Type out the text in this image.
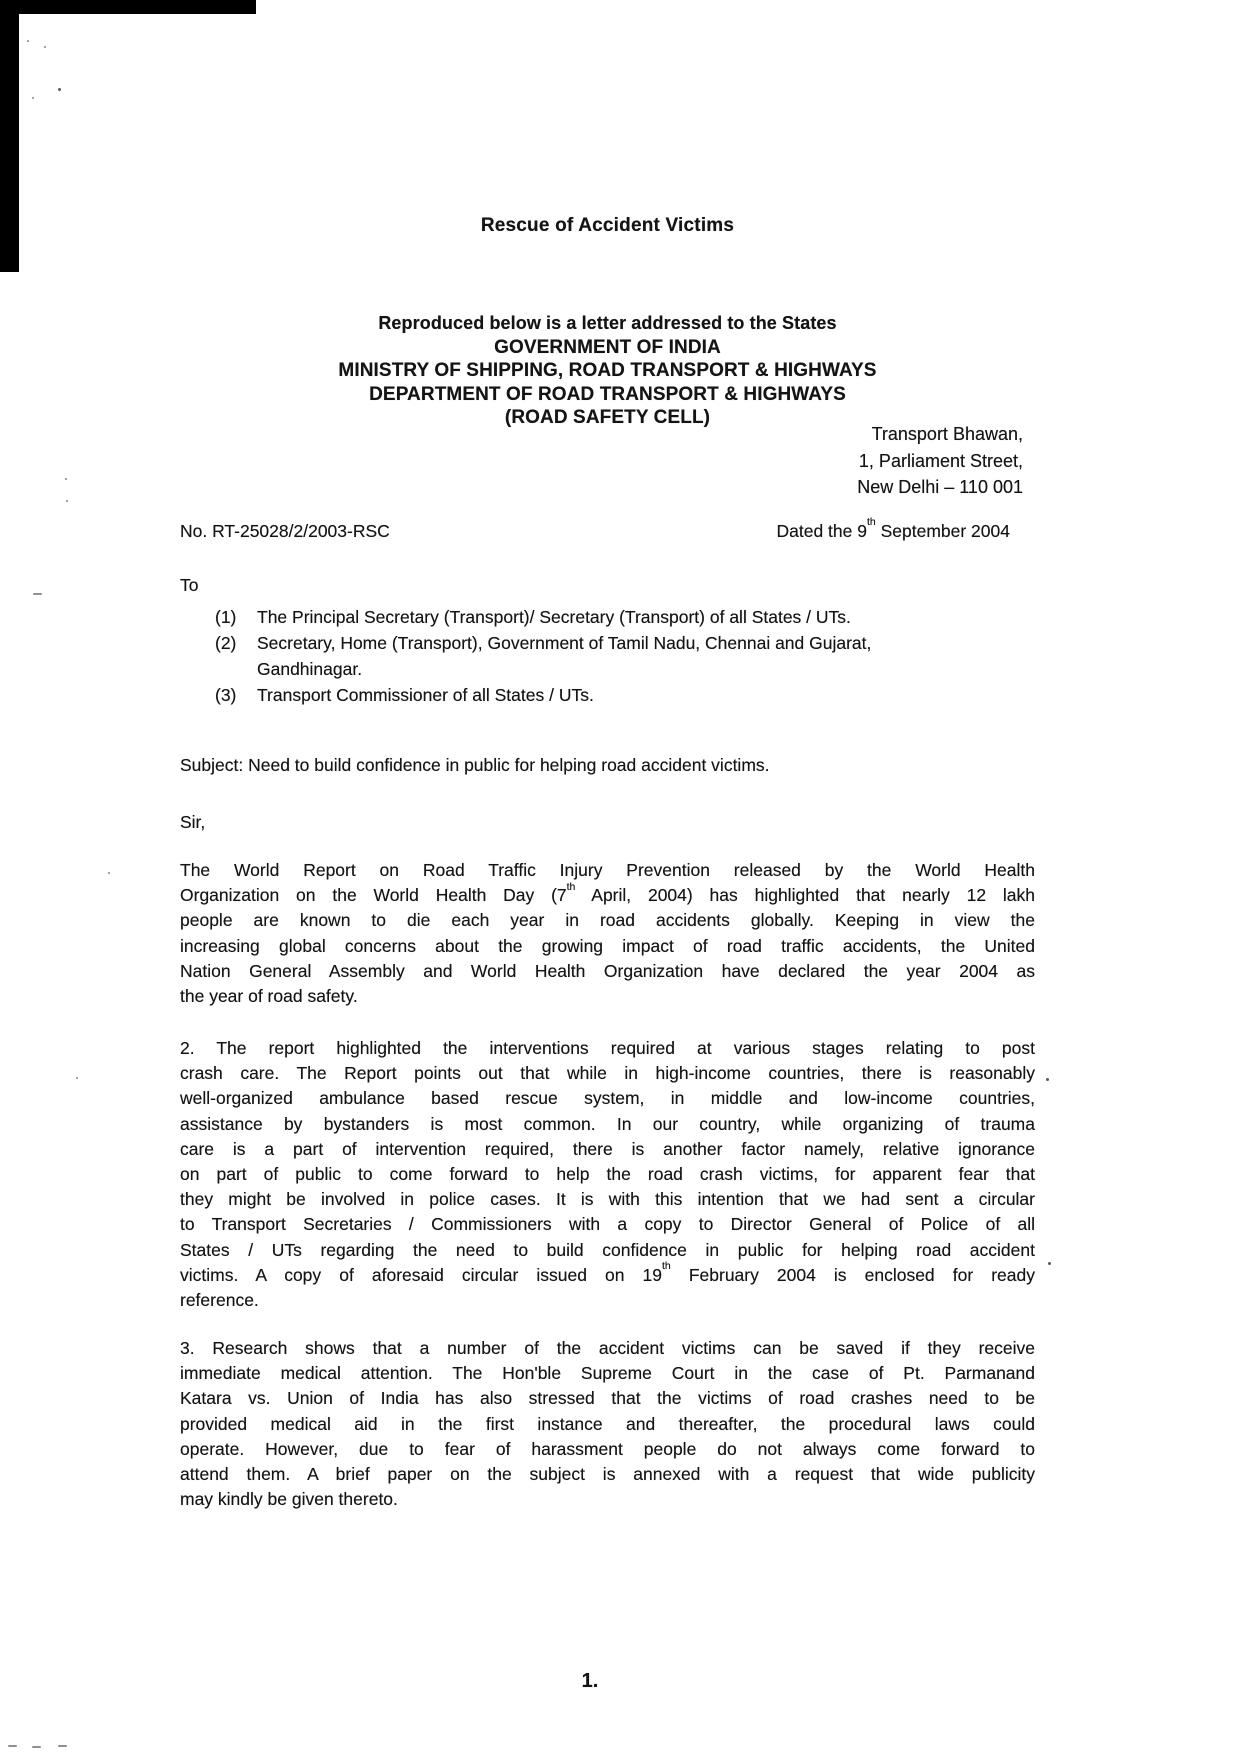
Rescue of Accident Victims
Reproduced below is a letter addressed to the States
GOVERNMENT OF INDIA
MINISTRY OF SHIPPING, ROAD TRANSPORT & HIGHWAYS
DEPARTMENT OF ROAD TRANSPORT & HIGHWAYS
(ROAD SAFETY CELL)
Transport Bhawan,
1, Parliament Street,
New Delhi – 110 001
No. RT-25028/2/2003-RSC	Dated the 9th September 2004
To
(1)	The Principal Secretary (Transport)/ Secretary (Transport) of all States / UTs.
(2)	Secretary, Home (Transport), Government of Tamil Nadu, Chennai and Gujarat,
Gandhinagar.
(3)	Transport Commissioner of all States / UTs.
Subject: Need to build confidence in public for helping road accident victims.
Sir,
The World Report on Road Traffic Injury Prevention released by the World Health
Organization on the World Health Day (7th April, 2004) has highlighted that nearly 12 lakh
people are known to die each year in road accidents globally. Keeping in view the
increasing global concerns about the growing impact of road traffic accidents, the United
Nation General Assembly and World Health Organization have declared the year 2004 as
the year of road safety.
2. The report highlighted the interventions required at various stages relating to post
crash care. The Report points out that while in high-income countries, there is reasonably
well-organized ambulance based rescue system, in middle and low-income countries,
assistance by bystanders is most common. In our country, while organizing of trauma
care is a part of intervention required, there is another factor namely, relative ignorance
on part of public to come forward to help the road crash victims, for apparent fear that
they might be involved in police cases. It is with this intention that we had sent a circular
to Transport Secretaries / Commissioners with a copy to Director General of Police of all
States / UTs regarding the need to build confidence in public for helping road accident
victims. A copy of aforesaid circular issued on 19th February 2004 is enclosed for ready
reference.
3. Research shows that a number of the accident victims can be saved if they receive
immediate medical attention. The Hon'ble Supreme Court in the case of Pt. Parmanand
Katara vs. Union of India has also stressed that the victims of road crashes need to be
provided medical aid in the first instance and thereafter, the procedural laws could
operate. However, due to fear of harassment people do not always come forward to
attend them. A brief paper on the subject is annexed with a request that wide publicity
may kindly be given thereto.
1.
